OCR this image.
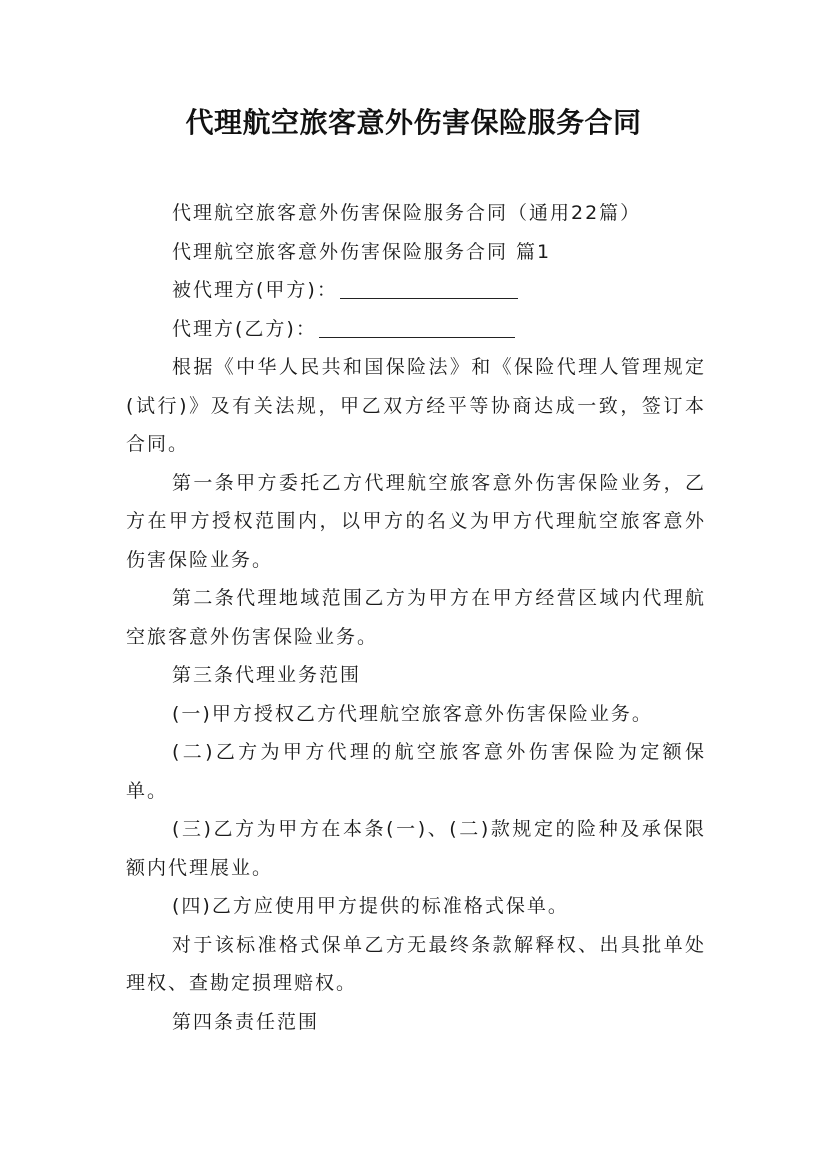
代理航空旅客意外伤害保险服务合同

代理航空旅客意外伤害保险服务合同（通用22篇）

代理航空旅客意外伤害保险服务合同 篇1

被代理方(甲方)：

代理方(乙方)：

根据《中华人民共和国保险法》和《保险代理人管理规定(试行)》及有关法规，甲乙双方经平等协商达成一致，签订本合同。

第一条甲方委托乙方代理航空旅客意外伤害保险业务，乙方在甲方授权范围内，以甲方的名义为甲方代理航空旅客意外伤害保险业务。

第二条代理地域范围乙方为甲方在甲方经营区域内代理航空旅客意外伤害保险业务。

第三条代理业务范围

(一)甲方授权乙方代理航空旅客意外伤害保险业务。

(二)乙方为甲方代理的航空旅客意外伤害保险为定额保单。

(三)乙方为甲方在本条(一)、(二)款规定的险种及承保限额内代理展业。

(四)乙方应使用甲方提供的标准格式保单。

对于该标准格式保单乙方无最终条款解释权、出具批单处理权、查勘定损理赔权。

第四条责任范围
